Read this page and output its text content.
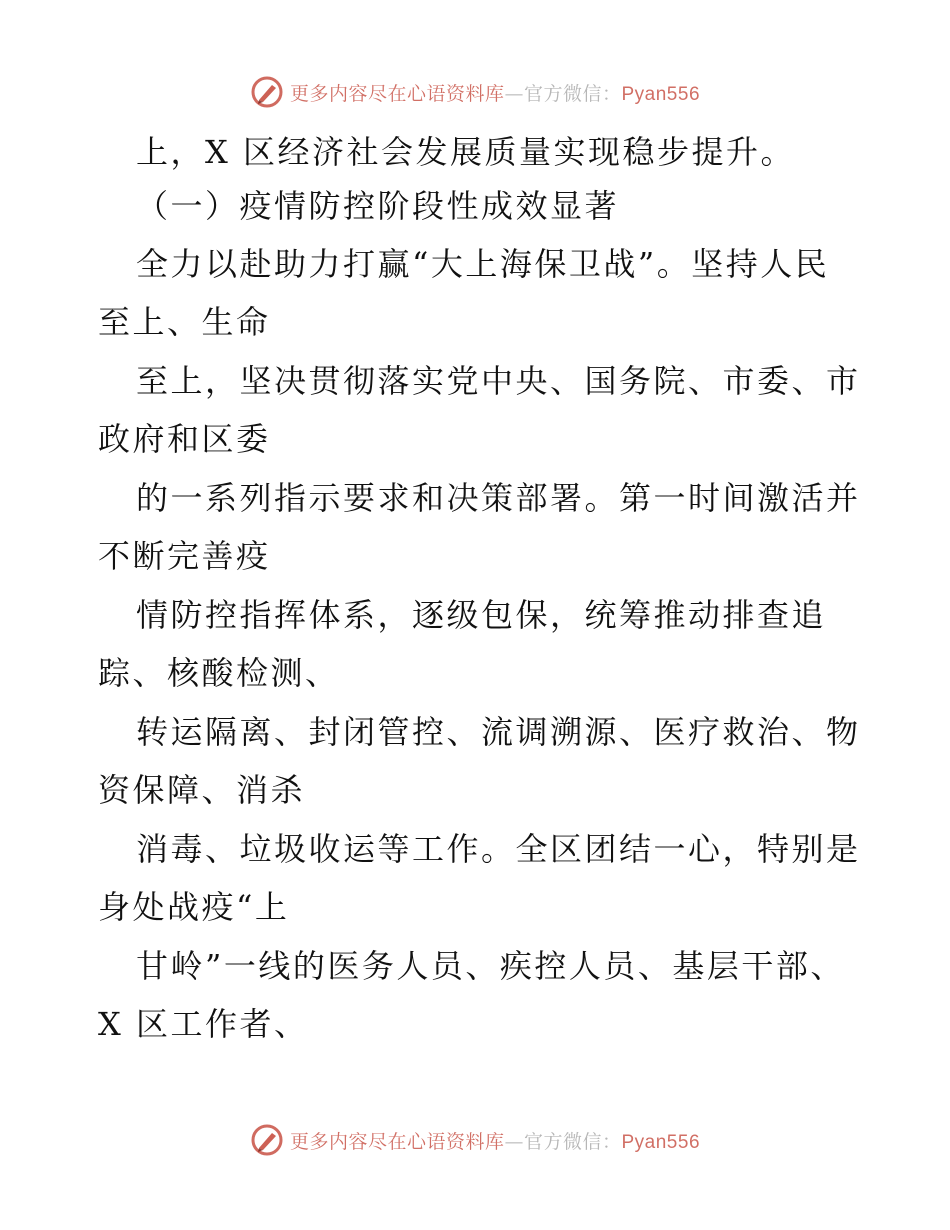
更多内容尽在心语资料库—官方微信：Pyan556
上，X 区经济社会发展质量实现稳步提升。
（一）疫情防控阶段性成效显著
全力以赴助力打赢“大上海保卫战”。坚持人民
至上、生命
至上，坚决贯彻落实党中央、国务院、市委、市
政府和区委
的一系列指示要求和决策部署。第一时间激活并
不断完善疫
情防控指挥体系，逐级包保，统筹推动排查追
踪、核酸检测、
转运隔离、封闭管控、流调溯源、医疗救治、物
资保障、消杀
消毒、垃圾收运等工作。全区团结一心，特别是
身处战疫“上
甘岭”一线的医务人员、疾控人员、基层干部、
X 区工作者、
更多内容尽在心语资料库—官方微信：Pyan556
